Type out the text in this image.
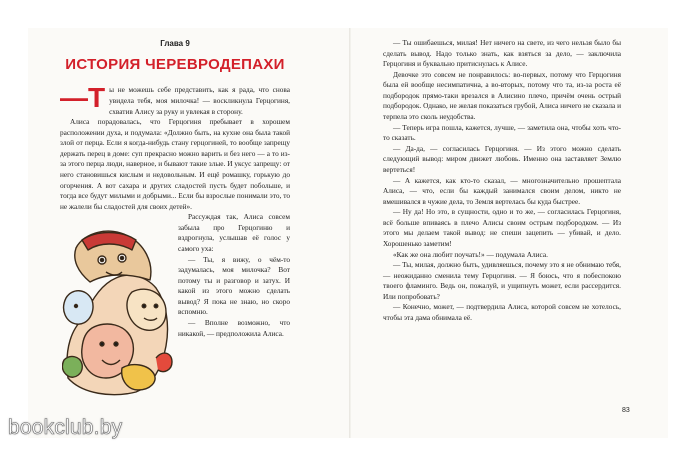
Глава 9
ИСТОРИЯ ЧЕРЕВРОДЕПАХИ

—Т ы не можешь себе представить, как я рада, что снова увидела тебя, моя милочка! — воскликнула Герцогиня, схватив Алису за руку и увлекая в сторону.

Алиса порадовалась, что Герцогиня пребывает в хорошем расположении духа, и подумала: «Должно быть, на кухне она была такой злой от перца. Если я когда-нибудь стану герцогиней, то вообще запрещу держать перец в доме: суп прекрасно можно варить и без него — а то из-за этого перца люди, наверное, и бывают такие злые. И уксус запрещу: от него становишься кислым и недовольным. И ещё ромашку, горькую до огорчения. А вот сахара и других сладостей пусть будет побольше, и тогда все будут милыми и добрыми... Если бы взрослые понимали это, то не жалели бы сладостей для своих детей».

Рассуждая так, Алиса совсем забыла про Герцогиню и вздрогнула, услышав её голос у самого уха:

— Ты, я вижу, о чём-то задумалась, моя милочка? Вот потому ты и разговор и затух. И какой из этого можно сделать вывод? Я пока не знаю, но скоро вспомню.

— Вполне возможно, что никакой, — предположила Алиса.

— Ты ошибаешься, милая! Нет ничего на свете, из чего нельзя было бы сделать вывод. Надо только знать, как взяться за дело, — заключила Герцогиня и буквально притиснулась к Алисе.

Девочке это совсем не понравилось: во-первых, потому что Герцогиня была ей вообще несимпатична, а во-вторых, потому что та, из-за роста её подбородок прямо-таки врезался в Алисино плечо, причём очень острый подбородок. Однако, не желая показаться грубой, Алиса ничего не сказала и терпела это сколь неудобства.

— Теперь игра пошла, кажется, лучше, — заметила она, чтобы хоть что-то сказать.

— Да-да, — согласилась Герцогиня. — Из этого можно сделать следующий вывод: миром движет любовь. Именно она заставляет Землю вертеться!

— А кажется, как кто-то сказал, — многозначительно прошептала Алиса, — что, если бы каждый занимался своим делом, никто не вмешивался в чужие дела, то Земля вертелась бы куда быстрее.

— Ну да! Но это, в сущности, одно и то же, — согласилась Герцогиня, всё больше впиваясь в плечо Алисы своим острым подбородком. — Из этого мы делаем такой вывод: не спеши зацепить — убивай, и дело. Хорошенько заметим!

«Как же она любит поучать!» — подумала Алиса.

— Ты, милая, должно быть, удивляешься, почему это я не обнимаю тебя, — неожиданно сменила тему Герцогиня. — Я боюсь, что я побеспокою твоего фламинго. Ведь он, пожалуй, и ущипнуть может, если рассердится. Или попробовать?

— Конечно, может, — подтвердила Алиса, которой совсем не хотелось, чтобы эта дама обнимала её.

83
bookclub.by
